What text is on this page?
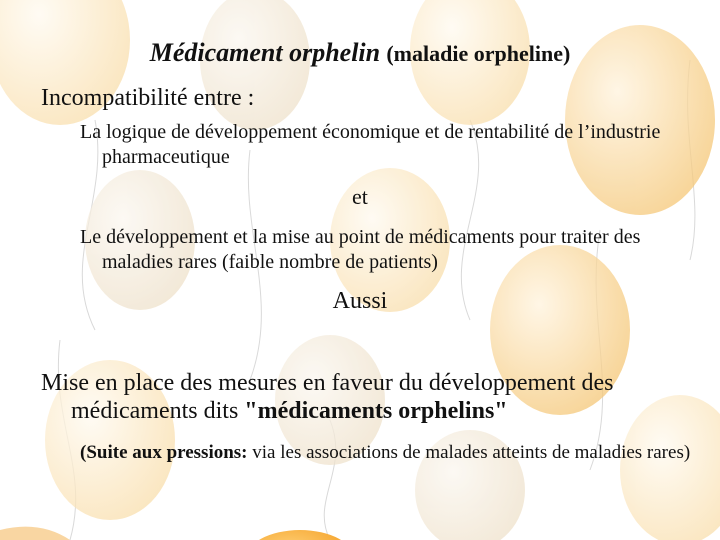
Médicament orphelin (maladie orpheline)
Incompatibilité entre :
La logique de développement économique et de rentabilité de l’industrie pharmaceutique
et
Le développement et la mise au point de médicaments pour traiter des maladies rares (faible nombre de patients)
Aussi
Mise en place des mesures en faveur du développement des médicaments dits "médicaments orphelins"
(Suite aux pressions: via les associations de malades atteints de maladies rares)
